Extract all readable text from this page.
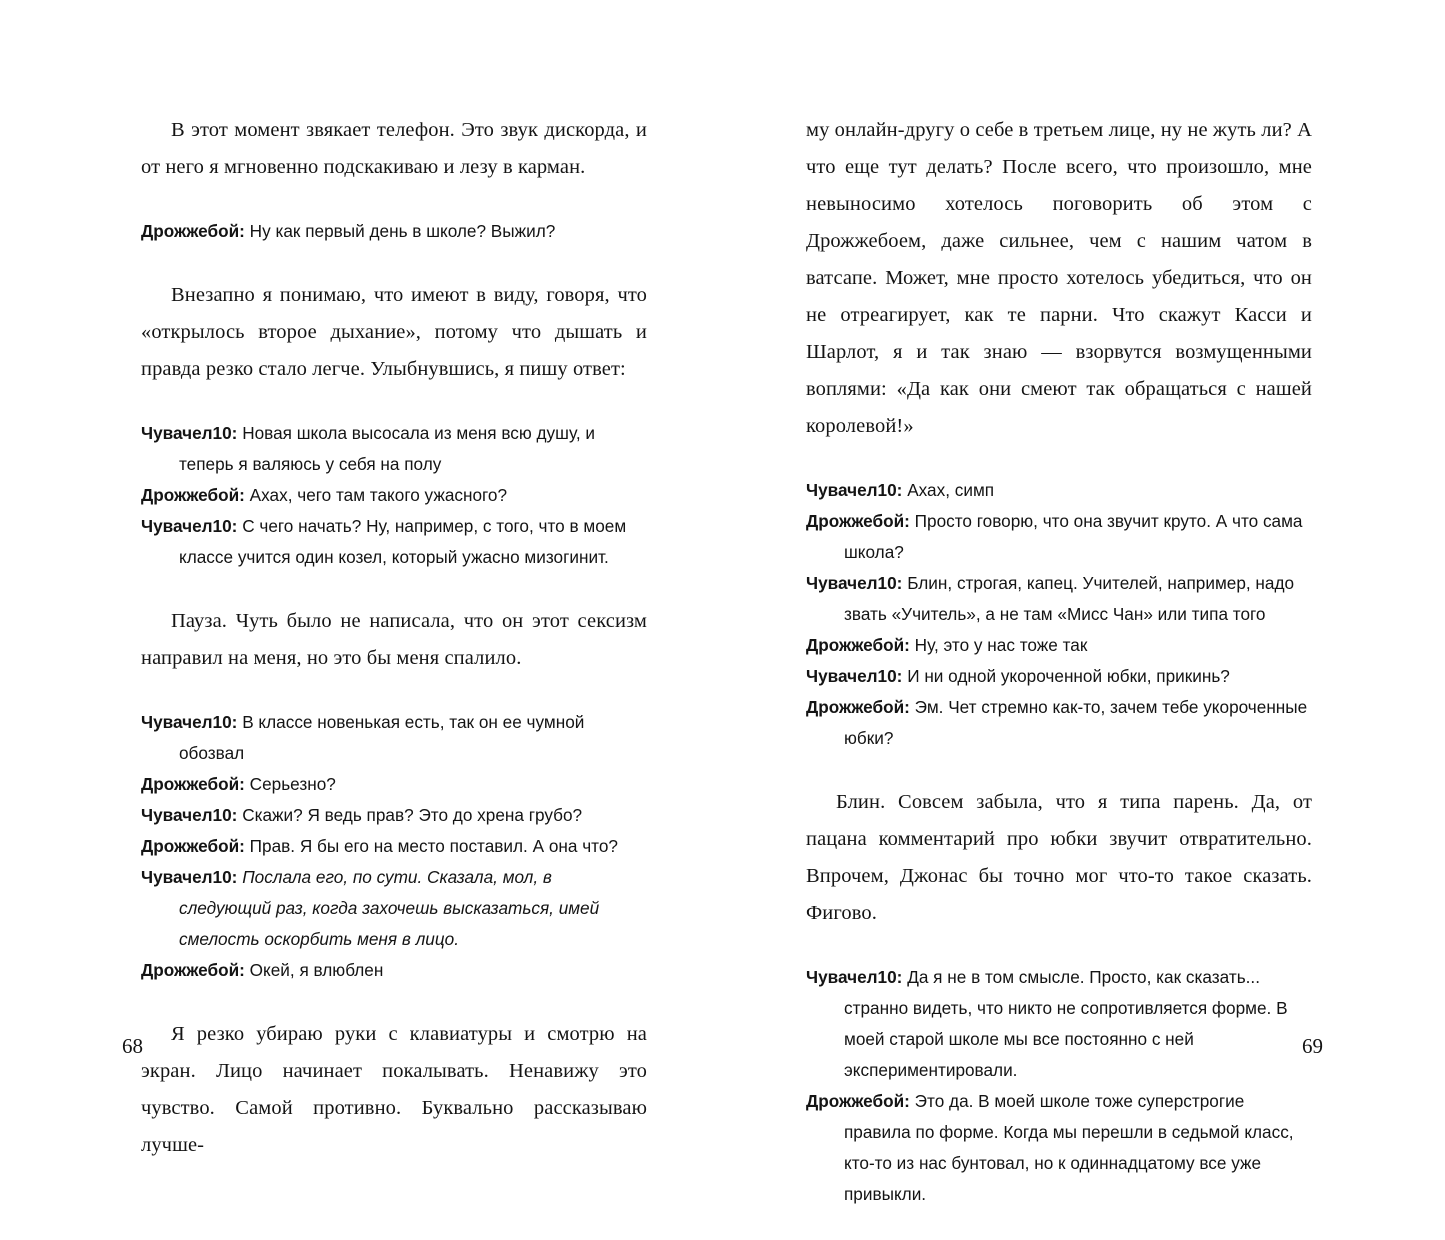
В этот момент звякает телефон. Это звук дискорда, и от него я мгновенно подскакиваю и лезу в карман.

Дрожжебой: Ну как первый день в школе? Выжил?

Внезапно я понимаю, что имеют в виду, говоря, что «открылось второе дыхание», потому что дышать и правда резко стало легче. Улыбнувшись, я пишу ответ:

Чувачел10: Новая школа высосала из меня всю душу, и теперь я валяюсь у себя на полу

Дрожжебой: Ахах, чего там такого ужасного?

Чувачел10: С чего начать? Ну, например, с того, что в моем классе учится один козел, который ужасно мизогинит.

Пауза. Чуть было не написала, что он этот сексизм направил на меня, но это бы меня спалило.

Чувачел10: В классе новенькая есть, так он ее чумной обозвал

Дрожжебой: Серьезно?

Чувачел10: Скажи? Я ведь прав? Это до хрена грубо?

Дрожжебой: Прав. Я бы его на место поставил. А она что?

Чувачел10: Послала его, по сути. Сказала, мол, в следующий раз, когда захочешь высказаться, имей смелость оскорбить меня в лицо.

Дрожжебой: Окей, я влюблен

Я резко убираю руки с клавиатуры и смотрю на экран. Лицо начинает покалывать. Ненавижу это чувство. Самой противно. Буквально рассказываю лучше-

му онлайн-другу о себе в третьем лице, ну не жуть ли? А что еще тут делать? После всего, что произошло, мне невыносимо хотелось поговорить об этом с Дрожжебоем, даже сильнее, чем с нашим чатом в ватсапе. Может, мне просто хотелось убедиться, что он не отреагирует, как те парни. Что скажут Касси и Шарлот, я и так знаю — взорвутся возмущенными воплями: «Да как они смеют так обращаться с нашей королевой!»

Чувачел10: Ахах, симп

Дрожжебой: Просто говорю, что она звучит круто. А что сама школа?

Чувачел10: Блин, строгая, капец. Учителей, например, надо звать «Учитель», а не там «Мисс Чан» или типа того

Дрожжебой: Ну, это у нас тоже так

Чувачел10: И ни одной укороченной юбки, прикинь?

Дрожжебой: Эм. Чет стремно как-то, зачем тебе укороченные юбки?

Блин. Совсем забыла, что я типа парень. Да, от пацана комментарий про юбки звучит отвратительно. Впрочем, Джонас бы точно мог что-то такое сказать. Фигово.

Чувачел10: Да я не в том смысле. Просто, как сказать... странно видеть, что никто не сопротивляется форме. В моей старой школе мы все постоянно с ней экспериментировали.

Дрожжебой: Это да. В моей школе тоже суперстрогие правила по форме. Когда мы перешли в седьмой класс, кто-то из нас бунтовал, но к одиннадцатому все уже привыкли.

68	69
